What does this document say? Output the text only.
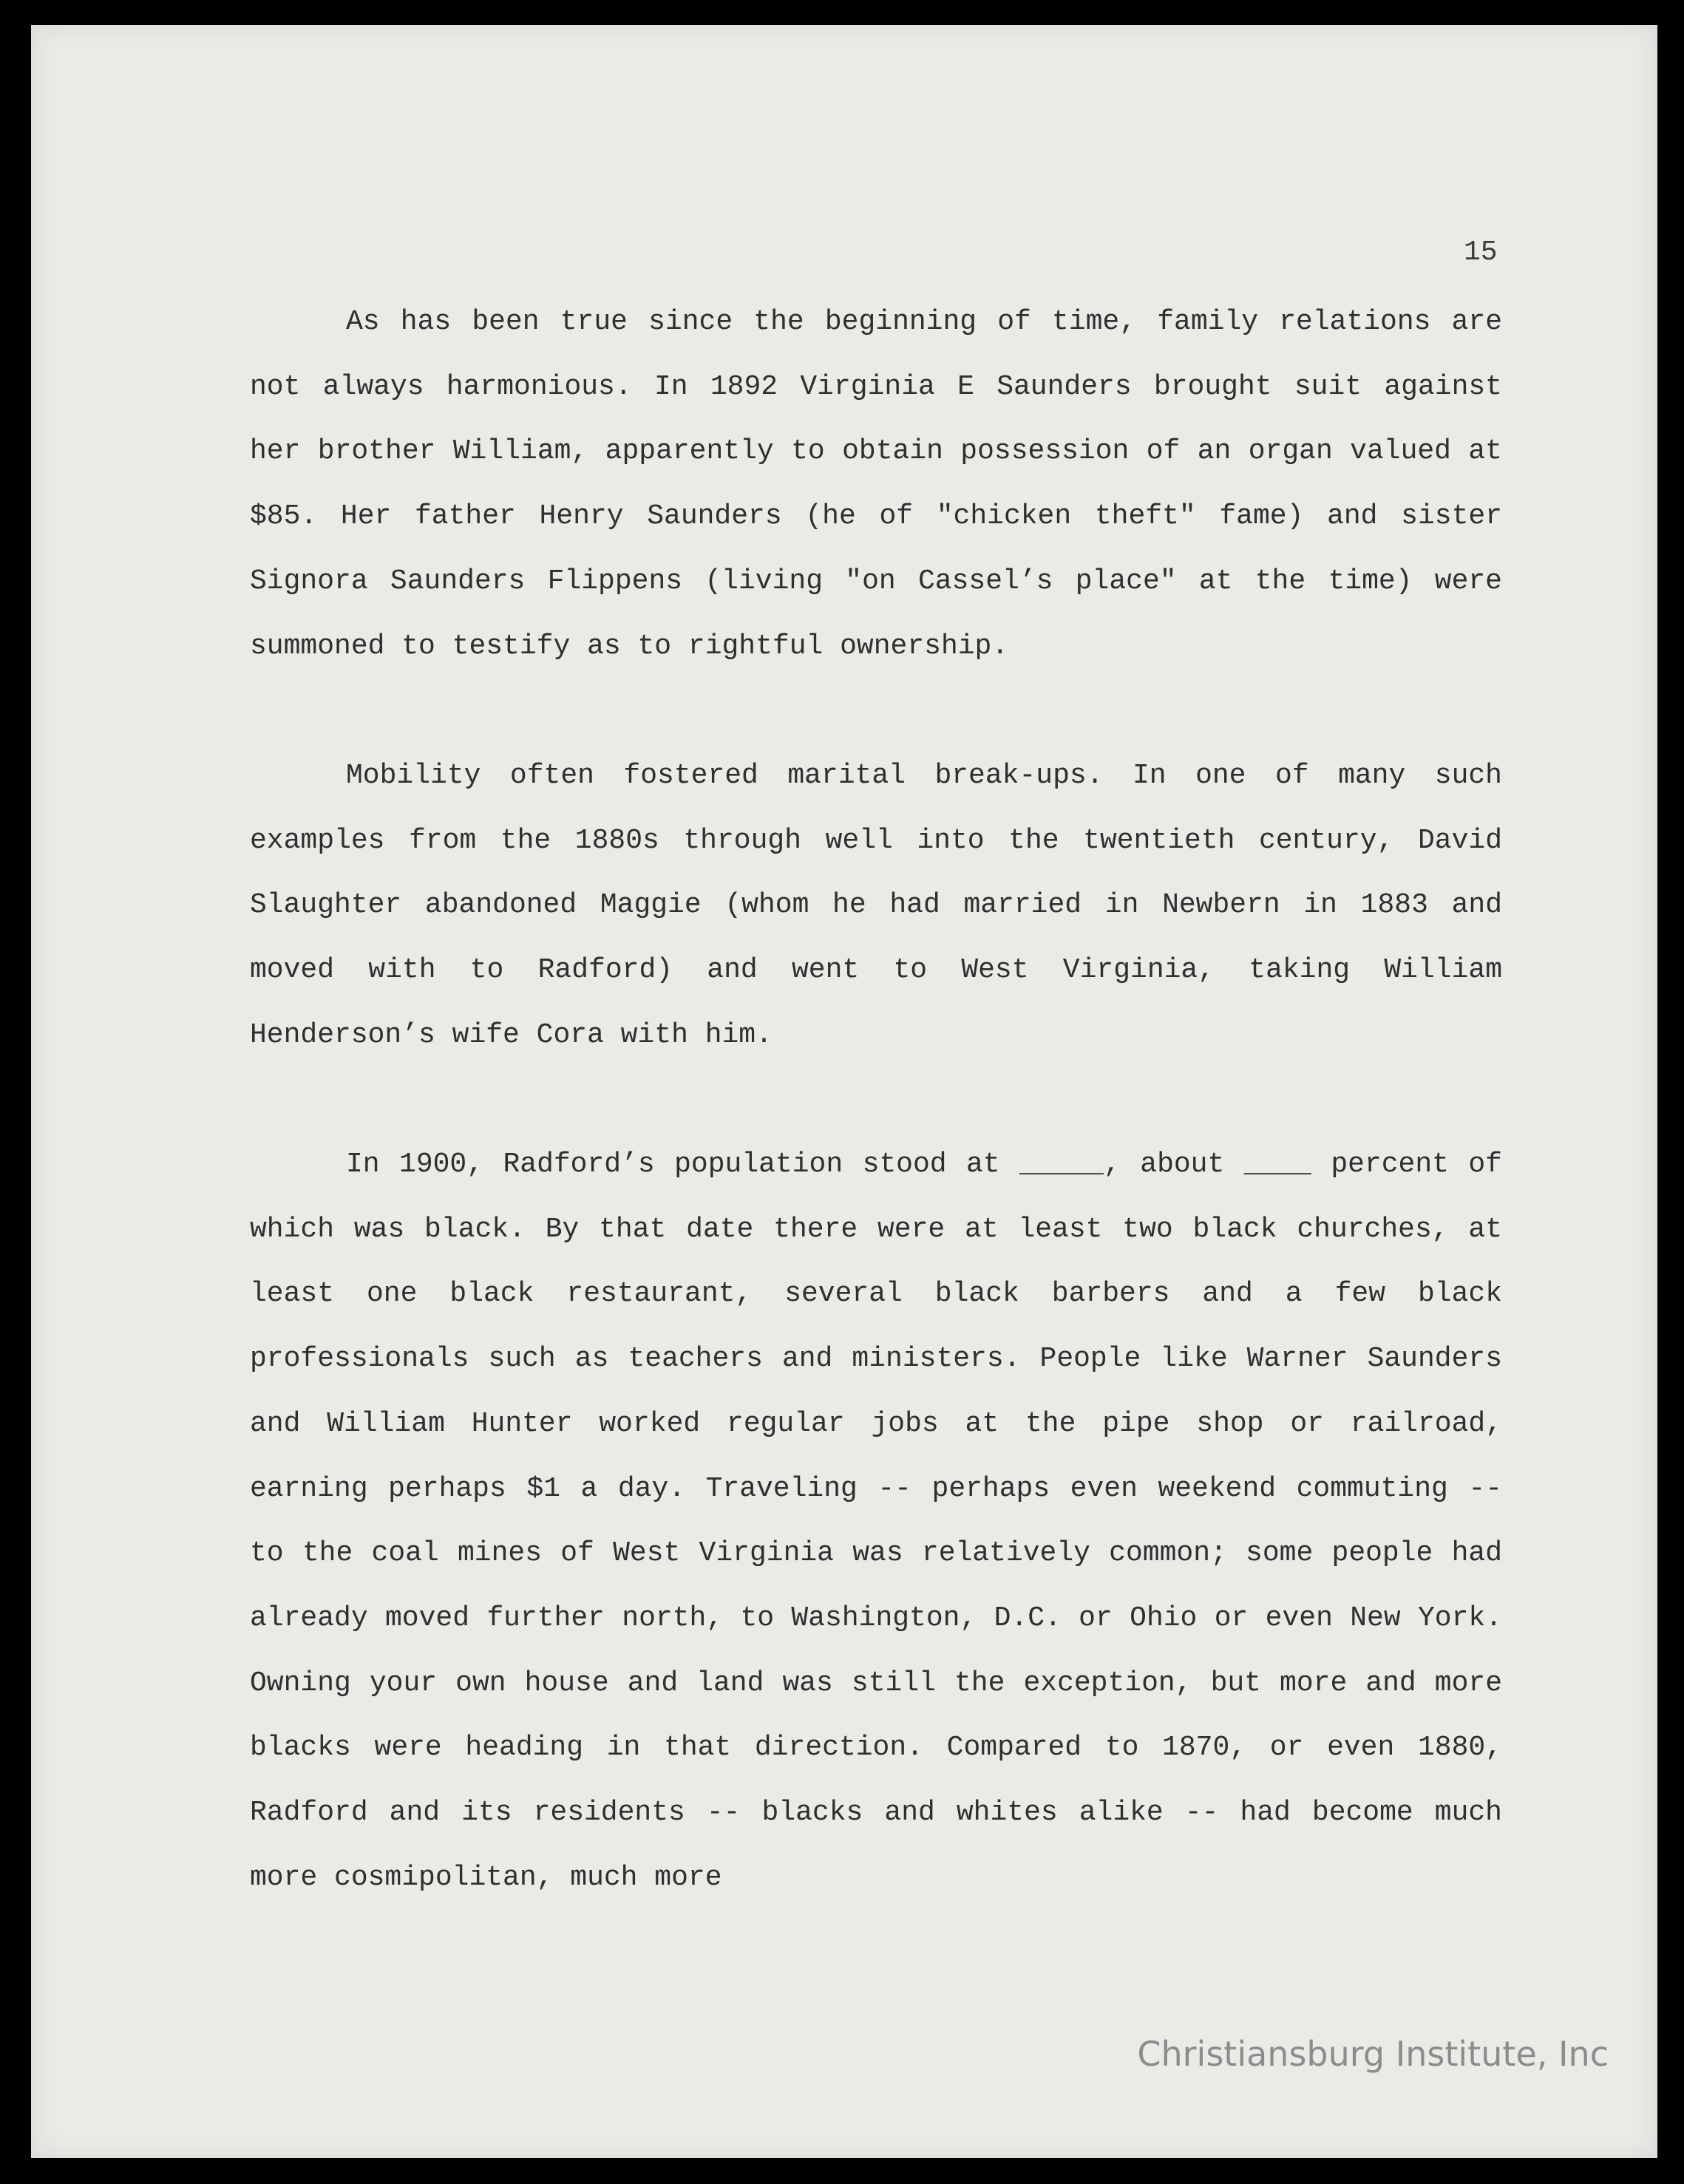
15

As has been true since the beginning of time, family relations are not always harmonious. In 1892 Virginia E Saunders brought suit against her brother William, apparently to obtain possession of an organ valued at $85. Her father Henry Saunders (he of "chicken theft" fame) and sister Signora Saunders Flippens (living "on Cassel’s place" at the time) were summoned to testify as to rightful ownership.

Mobility often fostered marital break-ups. In one of many such examples from the 1880s through well into the twentieth century, David Slaughter abandoned Maggie (whom he had married in Newbern in 1883 and moved with to Radford) and went to West Virginia, taking William Henderson’s wife Cora with him.

In 1900, Radford’s population stood at _____, about ____ percent of which was black. By that date there were at least two black churches, at least one black restaurant, several black barbers and a few black professionals such as teachers and ministers. People like Warner Saunders and William Hunter worked regular jobs at the pipe shop or railroad, earning perhaps $1 a day. Traveling -- perhaps even weekend commuting -- to the coal mines of West Virginia was relatively common; some people had already moved further north, to Washington, D.C. or Ohio or even New York. Owning your own house and land was still the exception, but more and more blacks were heading in that direction. Compared to 1870, or even 1880, Radford and its residents -- blacks and whites alike -- had become much more cosmipolitan, much more

Christiansburg Institute, Inc
